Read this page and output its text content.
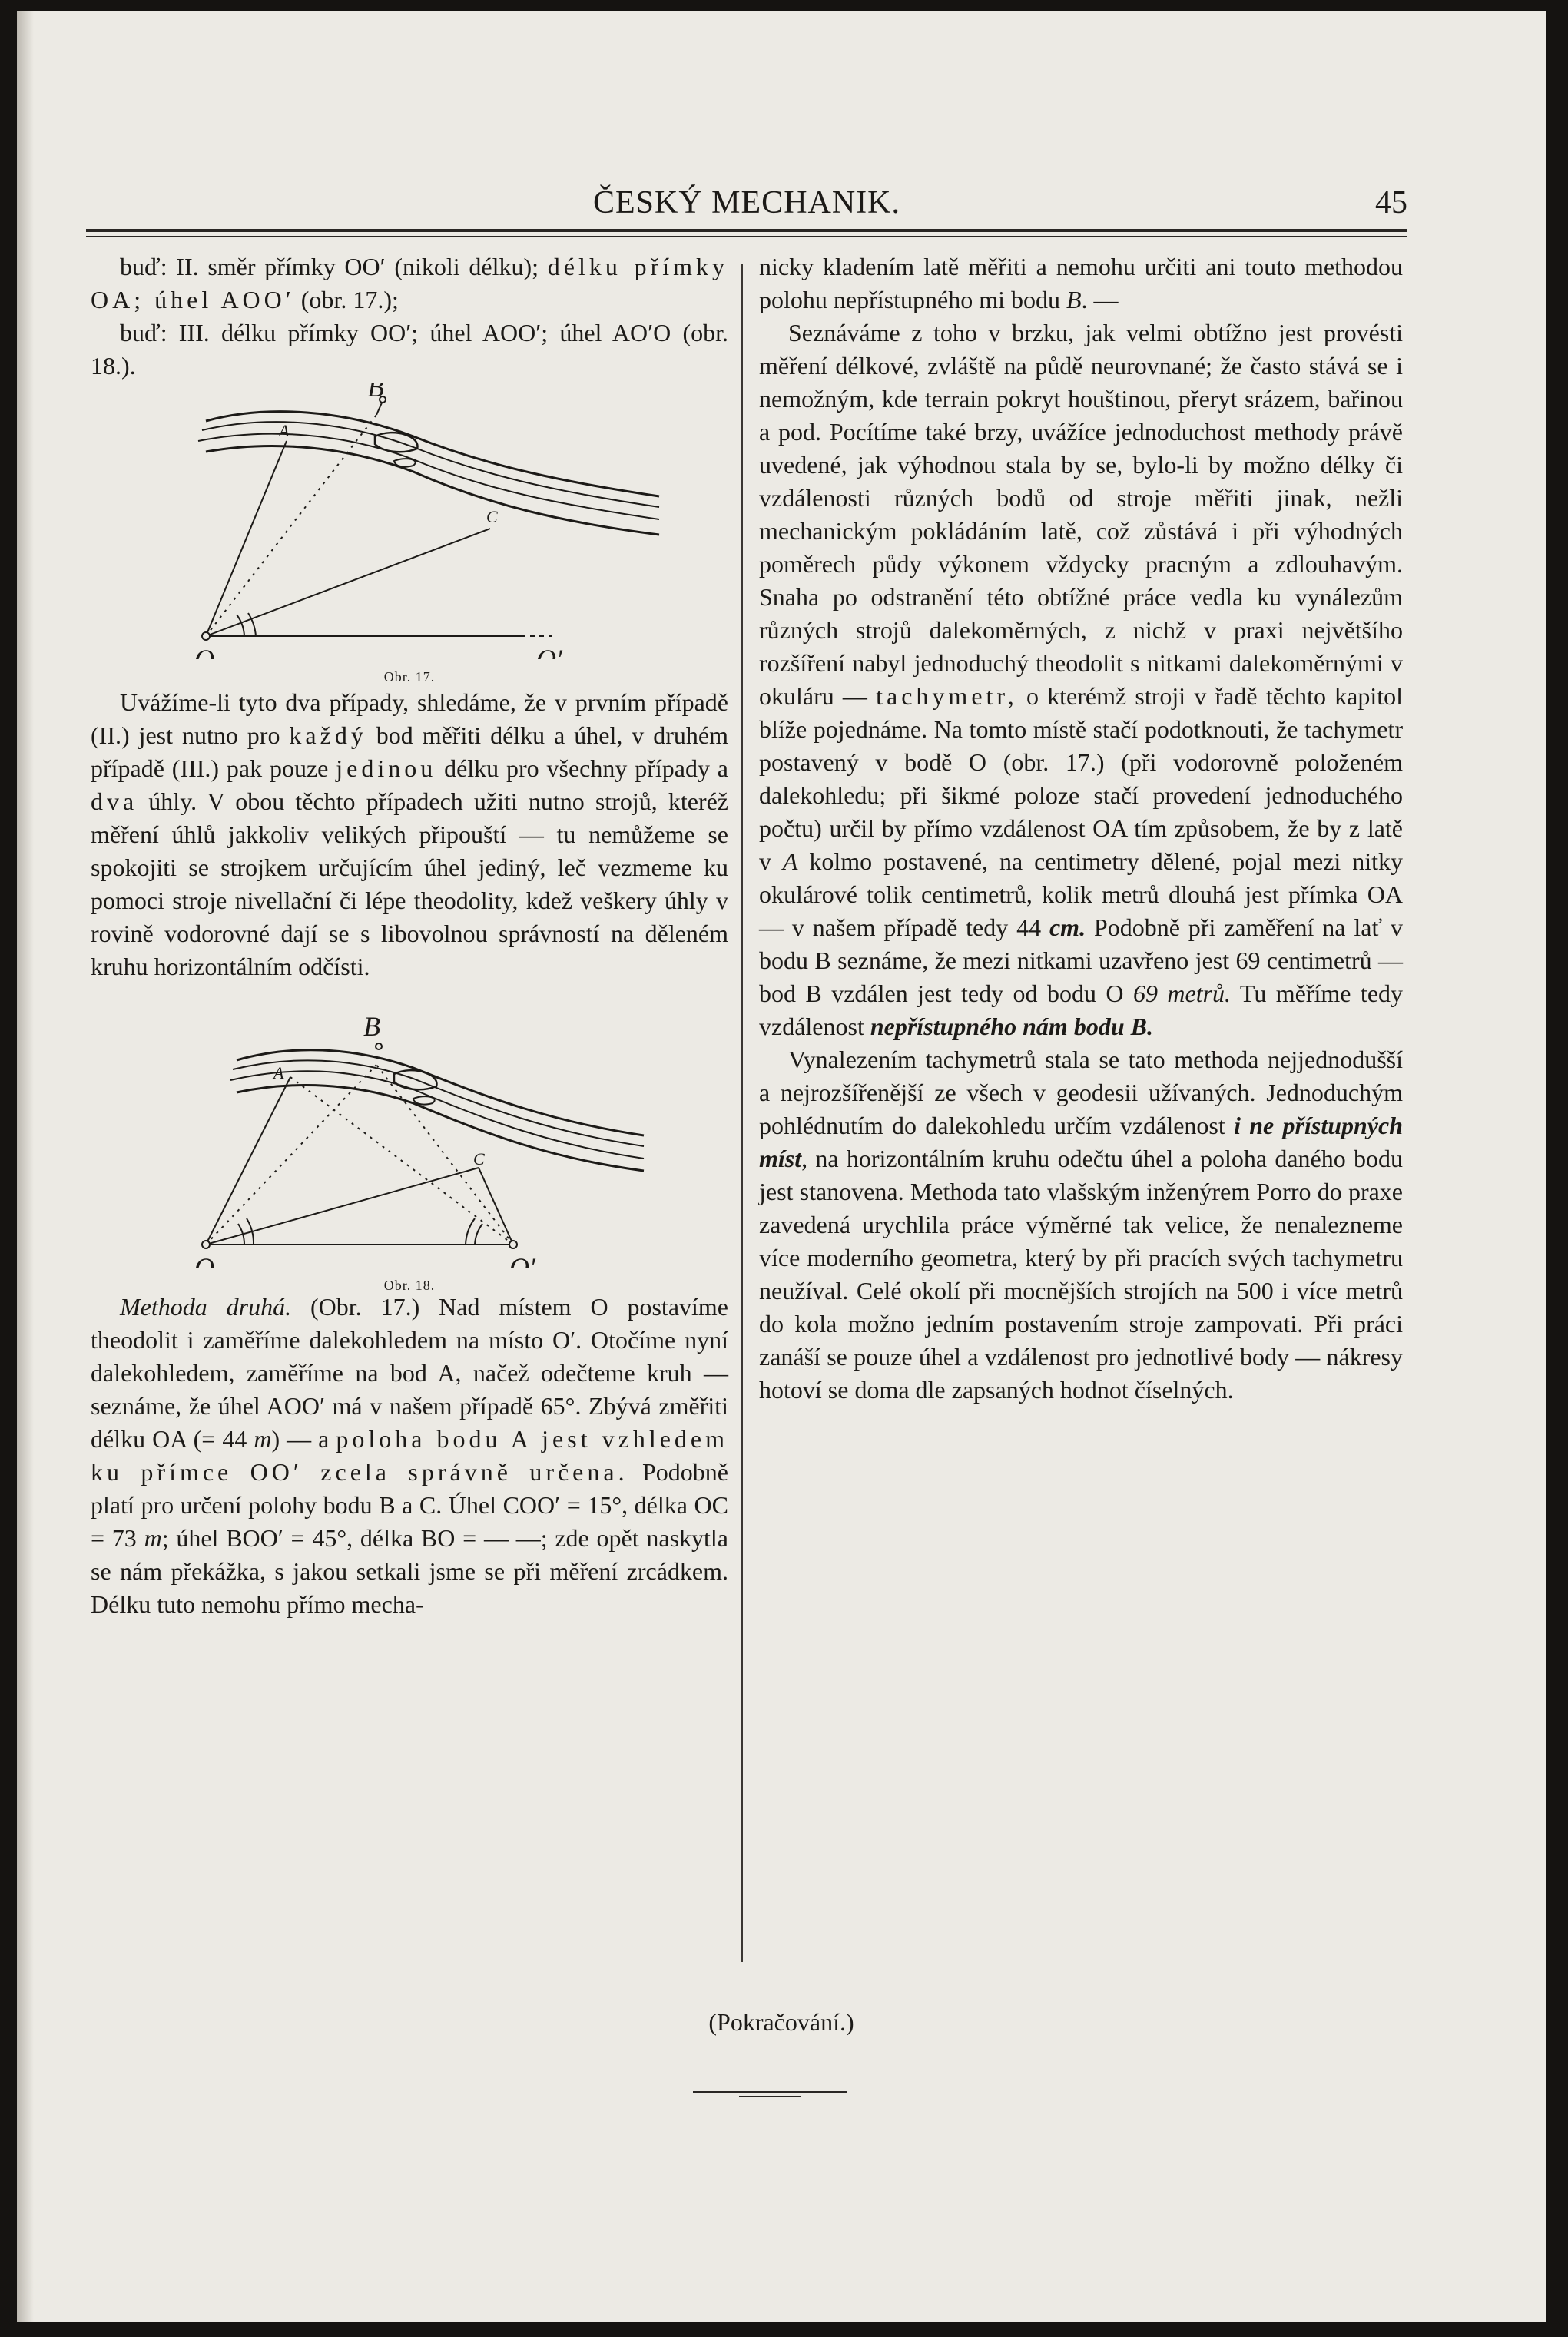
ČESKÝ MECHANIK.	45

buď: II. směr přímky OO′ (nikoli délku); délku přímky OA; úhel AOO′ (obr. 17.);

buď: III. délku přímky OO′; úhel AOO′; úhel AO′O (obr. 18.).

B
A
C
O	O′
Obr. 17.

Uvážíme-li tyto dva případy, shledáme, že v prvním případě (II.) jest nutno pro každý bod měřiti délku a úhel, v druhém případě (III.) pak pouze jedinou délku pro všechny případy a dva úhly. V obou těchto případech užiti nutno strojů, kteréž měření úhlů jakkoliv velikých připouští — tu nemůžeme se spokojiti se strojkem určujícím úhel jediný, leč vezmeme ku pomoci stroje nivellační či lépe theodolity, kdež veškery úhly v rovině vodorovné dají se s libovolnou správností na děleném kruhu horizontálním odčísti.

B
A
C
O	O′
Obr. 18.

Methoda druhá. (Obr. 17.) Nad místem O postavíme theodolit i zaměříme dalekohledem na místo O′. Otočíme nyní dalekohledem, zaměříme na bod A, načež odečteme kruh — seznáme, že úhel AOO′ má v našem případě 65°. Zbývá změřiti délku OA (= 44 m) — a poloha bodu A jest vzhledem ku přímce OO′ zcela správně určena. Podobně platí pro určení polohy bodu B a C. Úhel COO′ = 15°, délka OC = 73 m; úhel BOO′ = 45°, délka BO = — —; zde opět naskytla se nám překážka, s jakou setkali jsme se při měření zrcádkem. Délku tuto nemohu přímo mecha-

nicky kladením latě měřiti a nemohu určiti ani touto methodou polohu nepřístupného mi bodu B. —

Seznáváme z toho v brzku, jak velmi obtížno jest provésti měření délkové, zvláště na půdě neurovnané; že často stává se i nemožným, kde terrain pokryt houštinou, přeryt srázem, bařinou a pod. Pocítíme také brzy, uvážíce jednoduchost methody právě uvedené, jak výhodnou stala by se, bylo-li by možno délky či vzdálenosti různých bodů od stroje měřiti jinak, nežli mechanickým pokládáním latě, což zůstává i při výhodných poměrech půdy výkonem vždycky pracným a zdlouhavým. Snaha po odstranění této obtížné práce vedla ku vynálezům různých strojů dalekoměrných, z nichž v praxi největšího rozšíření nabyl jednoduchý theodolit s nitkami dalekoměrnými v okuláru — tachymetr, o kterémž stroji v řadě těchto kapitol blíže pojednáme. Na tomto místě stačí podotknouti, že tachymetr postavený v bodě O (obr. 17.) (při vodorovně položeném dalekohledu; při šikmé poloze stačí provedení jednoduchého počtu) určil by přímo vzdálenost OA tím způsobem, že by z latě v A kolmo postavené, na centimetry dělené, pojal mezi nitky okulárové tolik centimetrů, kolik metrů dlouhá jest přímka OA — v našem případě tedy 44 cm. Podobně při zaměření na lať v bodu B seznáme, že mezi nitkami uzavřeno jest 69 centimetrů — bod B vzdálen jest tedy od bodu O 69 metrů. Tu měříme tedy vzdálenost nepřístupného nám bodu B.

Vynalezením tachymetrů stala se tato methoda nejjednodušší a nejrozšířenější ze všech v geodesii užívaných. Jednoduchým pohlédnutím do dalekohledu určím vzdálenost i ne přístupných míst, na horizontálním kruhu odečtu úhel a poloha daného bodu jest stanovena. Methoda tato vlašským inženýrem Porro do praxe zavedená urychlila práce výměrné tak velice, že nenalezneme více moderního geometra, který by při pracích svých tachymetru neužíval. Celé okolí při mocnějších strojích na 500 i více metrů do kola možno jedním postavením stroje zampovati. Při práci zanáší se pouze úhel a vzdálenost pro jednotlivé body — nákresy hotoví se doma dle zapsaných hodnot číselných.

(Pokračování.)
